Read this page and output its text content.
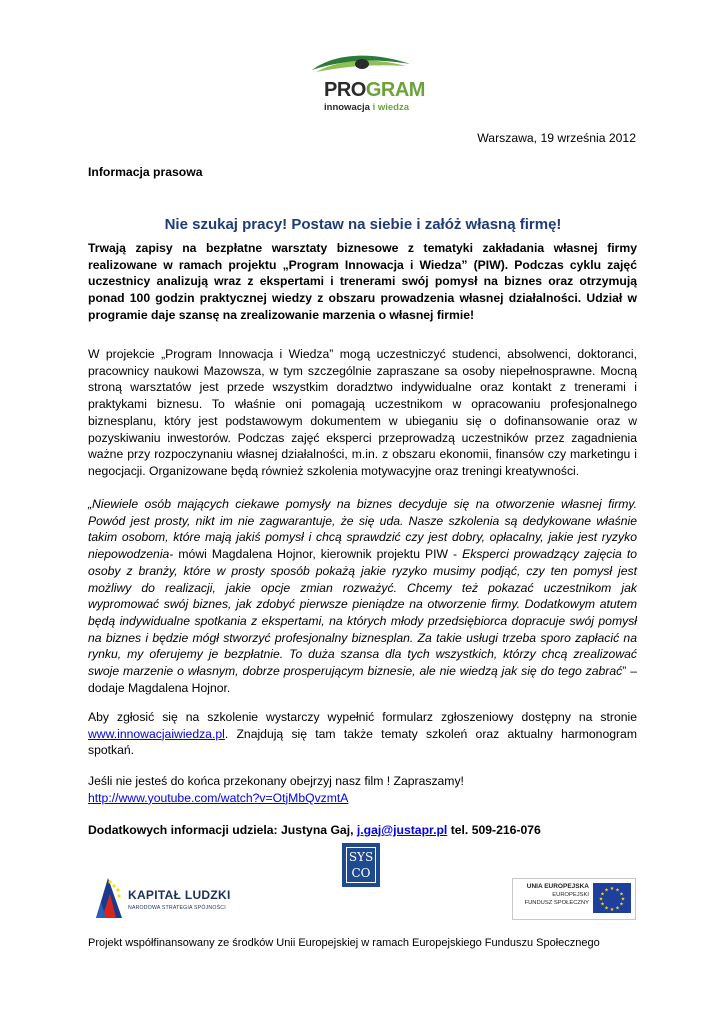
PROGRAM
innowacja i wiedza
Warszawa, 19 września 2012
Informacja prasowa
Nie szukaj pracy! Postaw na siebie i załóż własną firmę!
Trwają zapisy na bezpłatne warsztaty biznesowe z tematyki zakładania własnej firmy realizowane w ramach projektu „Program Innowacja i Wiedza” (PIW). Podczas cyklu zajęć uczestnicy analizują wraz z ekspertami i trenerami swój pomysł na biznes oraz otrzymują ponad 100 godzin praktycznej wiedzy z obszaru prowadzenia własnej działalności. Udział w programie daje szansę na zrealizowanie marzenia o własnej firmie!
W projekcie „Program Innowacja i Wiedza” mogą uczestniczyć studenci, absolwenci, doktoranci, pracownicy naukowi Mazowsza, w tym szczególnie zapraszane sa osoby niepełnosprawne. Mocną stroną warsztatów jest przede wszystkim doradztwo indywidualne oraz kontakt z trenerami i praktykami biznesu. To właśnie oni pomagają uczestnikom w opracowaniu profesjonalnego biznesplanu, który jest podstawowym dokumentem w ubieganiu się o dofinansowanie oraz w pozyskiwaniu inwestorów. Podczas zajęć eksperci przeprowadzą uczestników przez zagadnienia ważne przy rozpoczynaniu własnej działalności, m.in. z obszaru ekonomii, finansów czy marketingu i negocjacji. Organizowane będą również szkolenia motywacyjne oraz treningi kreatywności.
„Niewiele osób mających ciekawe pomysły na biznes decyduje się na otworzenie własnej firmy. Powód jest prosty, nikt im nie zagwarantuje, że się uda. Nasze szkolenia są dedykowane właśnie takim osobom, które mają jakiś pomysł i chcą sprawdzić czy jest dobry, opłacalny, jakie jest ryzyko niepowodzenia- mówi Magdalena Hojnor, kierownik projektu PIW - Eksperci prowadzący zajęcia to osoby z branży, które w prosty sposób pokażą jakie ryzyko musimy podjąć, czy ten pomysł jest możliwy do realizacji, jakie opcje zmian rozważyć. Chcemy też pokazać uczestnikom jak wypromować swój biznes, jak zdobyć pierwsze pieniądze na otworzenie firmy. Dodatkowym atutem będą indywidualne spotkania z ekspertami, na których młody przedsiębiorca dopracuje swój pomysł na biznes i będzie mógł stworzyć profesjonalny biznesplan. Za takie usługi trzeba sporo zapłacić na rynku, my oferujemy je bezpłatnie. To duża szansa dla tych wszystkich, którzy chcą zrealizować swoje marzenie o własnym, dobrze prosperującym biznesie, ale nie wiedzą jak się do tego zabrać” – dodaje Magdalena Hojnor.
Aby zgłosić się na szkolenie wystarczy wypełnić formularz zgłoszeniowy dostępny na stronie www.innowacjaiwiedza.pl. Znajdują się tam także tematy szkoleń oraz aktualny harmonogram spotkań.
Jeśli nie jesteś do końca przekonany obejrzyj nasz film ! Zapraszamy!
http://www.youtube.com/watch?v=OtjMbQvzmtA
Dodatkowych informacji udziela: Justyna Gaj, j.gaj@justapr.pl tel. 509-216-076
SYS
CO
KAPITAŁ LUDZKI
NARODOWA STRATEGIA SPÓJNOŚCI
UNIA EUROPEJSKA
EUROPEJSKI
FUNDUSZ SPOŁECZNY
★ ★
★
★
★
★
★
★
★
★
★
★
Projekt współfinansowany ze środków Unii Europejskiej w ramach Europejskiego Funduszu Społecznego
